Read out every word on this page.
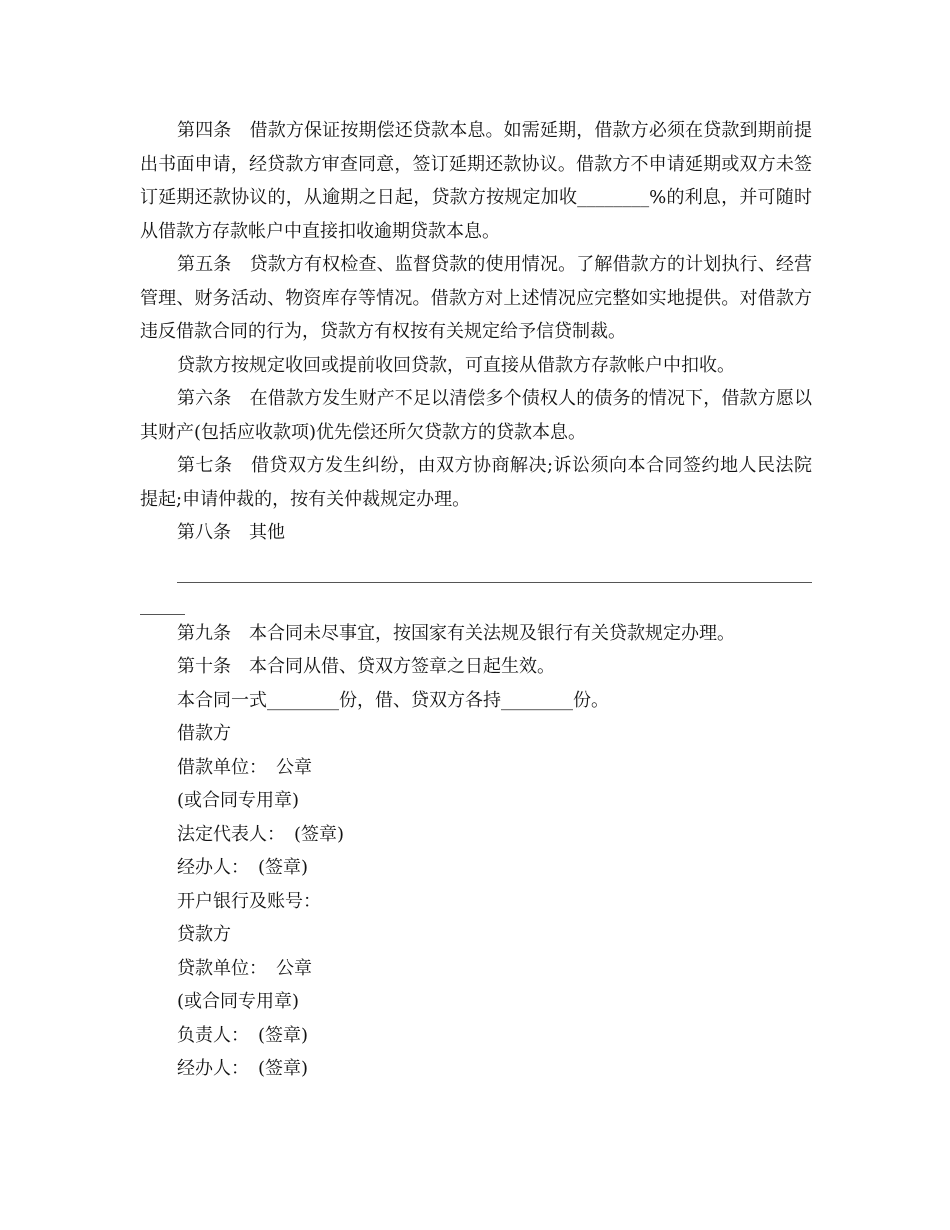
第四条　借款方保证按期偿还贷款本息。如需延期，借款方必须在贷款到期前提出书面申请，经贷款方审查同意，签订延期还款协议。借款方不申请延期或双方未签订延期还款协议的，从逾期之日起，贷款方按规定加收________%的利息，并可随时从借款方存款帐户中直接扣收逾期贷款本息。

第五条　贷款方有权检查、监督贷款的使用情况。了解借款方的计划执行、经营管理、财务活动、物资库存等情况。借款方对上述情况应完整如实地提供。对借款方违反借款合同的行为，贷款方有权按有关规定给予信贷制裁。

贷款方按规定收回或提前收回贷款，可直接从借款方存款帐户中扣收。

第六条　在借款方发生财产不足以清偿多个债权人的债务的情况下，借款方愿以其财产(包括应收款项)优先偿还所欠贷款方的贷款本息。

第七条　借贷双方发生纠纷，由双方协商解决;诉讼须向本合同签约地人民法院提起;申请仲裁的，按有关仲裁规定办理。

第八条　其他

第九条　本合同未尽事宜，按国家有关法规及银行有关贷款规定办理。

第十条　本合同从借、贷双方签章之日起生效。

本合同一式________份，借、贷双方各持________份。

借款方

借款单位：　公章

(或合同专用章)

法定代表人：　(签章)

经办人：　(签章)

开户银行及账号：

贷款方

贷款单位：　公章

(或合同专用章)

负责人：　(签章)

经办人：　(签章)
